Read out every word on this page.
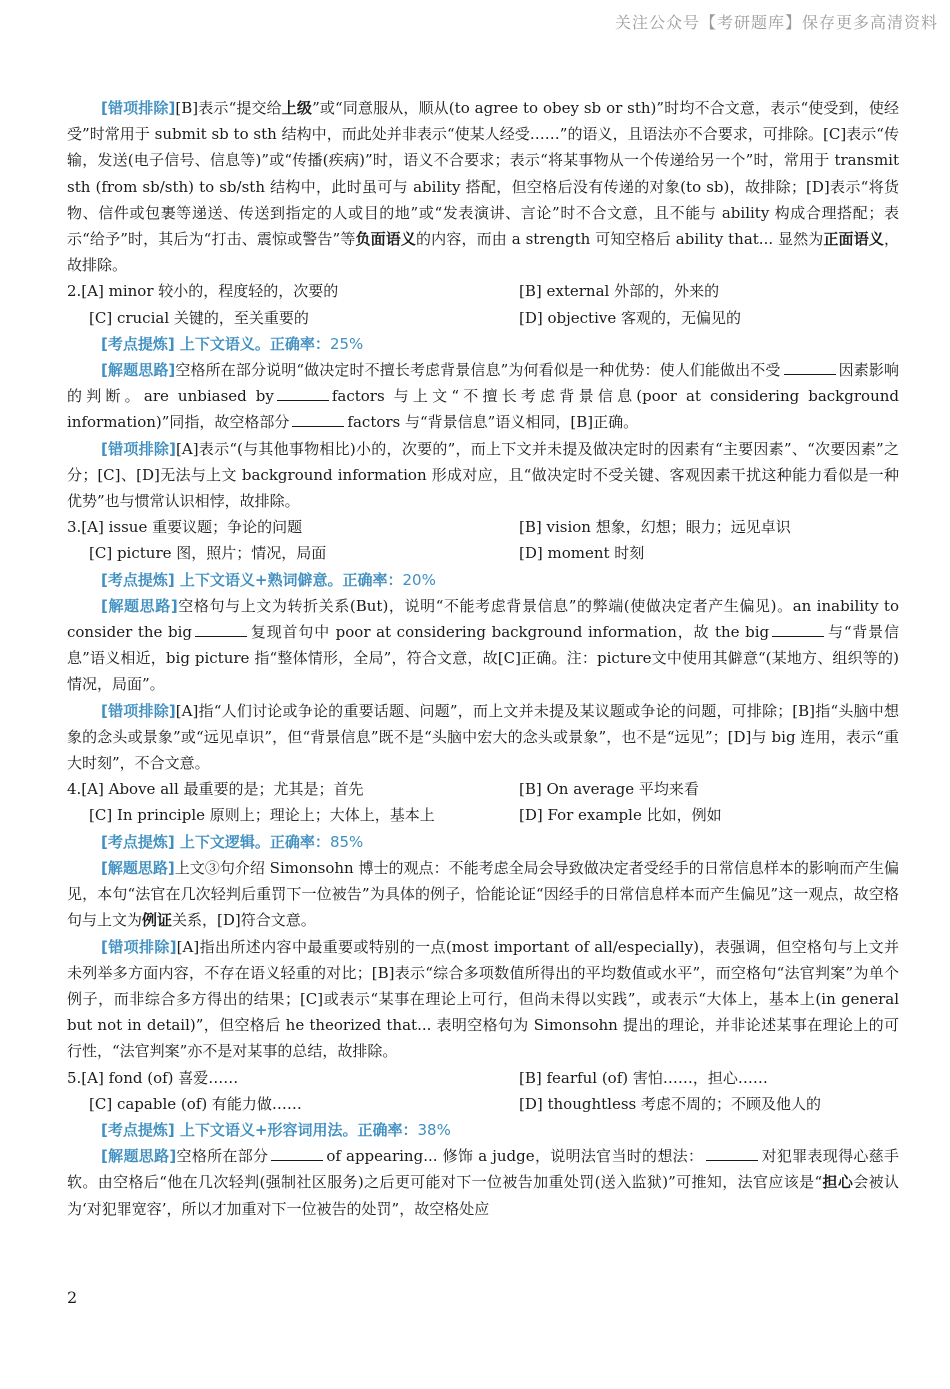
关注公众号【考研题库】保存更多高清资料

[错项排除][B]表示“提交给上级”或“同意服从，顺从(to agree to obey sb or sth)”时均不合文意，表示“使受到，使经受”时常用于 submit sb to sth 结构中，而此处并非表示“使某人经受……”的语义，且语法亦不合要求，可排除。[C]表示“传输，发送(电子信号、信息等)”或“传播(疾病)”时，语义不合要求；表示“将某事物从一个传递给另一个”时，常用于 transmit sth (from sb/sth) to sb/sth 结构中，此时虽可与 ability 搭配，但空格后没有传递的对象(to sb)，故排除；[D]表示“将货物、信件或包裹等递送、传送到指定的人或目的地”或“发表演讲、言论”时不合文意，且不能与 ability 构成合理搭配；表示“给予”时，其后为“打击、震惊或警告”等负面语义的内容，而由 a strength 可知空格后 ability that... 显然为正面语义，故排除。

2.[A] minor 较小的，程度轻的，次要的	[B] external 外部的，外来的
[C] crucial 关键的，至关重要的	[D] objective 客观的，无偏见的

[考点提炼] 上下文语义。正确率：25%

[解题思路]空格所在部分说明“做决定时不擅长考虑背景信息”为何看似是一种优势：使人们能做出不受	因素影响的判断。are unbiased by	factors 与上文“不擅长考虑背景信息(poor at considering background information)”同指，故空格部分	factors 与“背景信息”语义相同，[B]正确。

[错项排除][A]表示“(与其他事物相比)小的，次要的”，而上下文并未提及做决定时的因素有“主要因素”、“次要因素”之分；[C]、[D]无法与上文 background information 形成对应，且“做决定时不受关键、客观因素干扰这种能力看似是一种优势”也与惯常认识相悖，故排除。

3.[A] issue 重要议题；争论的问题	[B] vision 想象，幻想；眼力；远见卓识
[C] picture 图，照片；情况，局面	[D] moment 时刻

[考点提炼] 上下文语义+熟词僻意。正确率：20%

[解题思路]空格句与上文为转折关系(But)，说明“不能考虑背景信息”的弊端(使做决定者产生偏见)。an inability to consider the big	复现首句中 poor at considering background information，故 the big	与“背景信息”语义相近，big picture 指“整体情形，全局”，符合文意，故[C]正确。注：picture文中使用其僻意“(某地方、组织等的)情况，局面”。

[错项排除][A]指“人们讨论或争论的重要话题、问题”，而上文并未提及某议题或争论的问题，可排除；[B]指“头脑中想象的念头或景象”或“远见卓识”，但“背景信息”既不是“头脑中宏大的念头或景象”，也不是“远见”；[D]与 big 连用，表示“重大时刻”，不合文意。

4.[A] Above all 最重要的是；尤其是；首先	[B] On average 平均来看
[C] In principle 原则上；理论上；大体上，基本上	[D] For example 比如，例如

[考点提炼] 上下文逻辑。正确率：85%

[解题思路]上文③句介绍 Simonsohn 博士的观点：不能考虑全局会导致做决定者受经手的日常信息样本的影响而产生偏见，本句“法官在几次轻判后重罚下一位被告”为具体的例子，恰能论证“因经手的日常信息样本而产生偏见”这一观点，故空格句与上文为例证关系，[D]符合文意。

[错项排除][A]指出所述内容中最重要或特别的一点(most important of all/especially)，表强调，但空格句与上文并未列举多方面内容，不存在语义轻重的对比；[B]表示“综合多项数值所得出的平均数值或水平”，而空格句“法官判案”为单个例子，而非综合多方得出的结果；[C]或表示“某事在理论上可行，但尚未得以实践”，或表示“大体上，基本上(in general but not in detail)”，但空格后 he theorized that... 表明空格句为 Simonsohn 提出的理论，并非论述某事在理论上的可行性，“法官判案”亦不是对某事的总结，故排除。

5.[A] fond (of) 喜爱……	[B] fearful (of) 害怕……，担心……
[C] capable (of) 有能力做……	[D] thoughtless 考虑不周的；不顾及他人的

[考点提炼] 上下文语义+形容词用法。正确率：38%

[解题思路]空格所在部分	of appearing... 修饰 a judge，说明法官当时的想法：	对犯罪表现得心慈手软。由空格后“他在几次轻判(强制社区服务)之后更可能对下一位被告加重处罚(送入监狱)”可推知，法官应该是“担心会被认为‘对犯罪宽容’，所以才加重对下一位被告的处罚”，故空格处应

2
